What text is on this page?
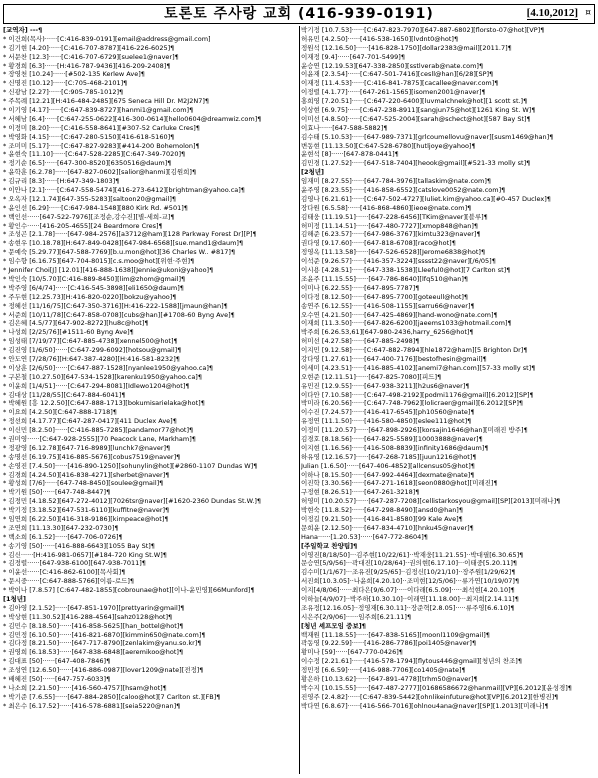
토론토 주사랑 교회 (416-939-0191)	[4.10,2012] ¤
[교역자] ---¶
* 이건희(목사)······[C:416-839-0191][email@address@gmail.com]
* 김기현 [4.20]······[C:416-707-8787][416-226-6025]¶
* 서문찬 [12.3]······[C:416-707-6729][suelee1@naver]¶
* 황경희 [6.3]······[H:416-787-9436][416-209-2408]¶
* 장영천 [10.24]······[#502-135 Kerlew Ave]¶
* 신명진 [10.12]······[C:705-468-2101]¶
* 신광남 [2.27]······[C:905-785-1012]¶
* 주목례 [12.21][H:416-484-2485][675 Seneca Hill Dr. M2J2N7]¶
* 이기영 [4.17]······[C:647-839-8727][hanmi1@gmail.com]¶
* 서혜남 [6.4]······[C:647-255-0622][416-300-0614][hello0604@dreamwiz.com]¶
* 이정미 [8.20]······[C:416-558-8641][#307-52 Carluke Cres]¶
* 박영화 [4.15]······[C:647-280-5150][416-618-5160]¶
* 조미미 [5.17]······[C:647-827-9283][#414-200 Bohemolon]¶
* 윤현숙 [11.10]······[C:647-528-2285][C:647-349-7020]¶
* 정기순 [6.5]······[647-300-8520][6350516@daum]¶
* 윤학훈 [6.2.78]······[647-827-0602][salior@hanmi][김원희]¶
* 김규리 [8.3]······[H:647-349-1803]¶
* 이안나 [2.1]······[C:647-558-5474][416-273-6412][brightman@yahoo.ca]¶
* 오옥자 [12.1.74][647-355-5283][saltoon20@gmail]¶
* 윤인선 [6.29]······[C:647-984-1548][880 Kirk Rd. #501]¶
* 백인선······[647-522-7976][조정순,강수진][별-세희-교]¶
* 황인수······[416-205-4655][24 Beardmore Cres]¶
* 조성곤 [2.1.78]······[647-984-2576][a3712@ham][128 Parkway Forest Dr][P]¶
* 송현우 [10.18.78][H:647-849-0428][647-984-6568][sue.mand1@daum]¶
* 문예숙 [5.29.77][647-588-7769][b.u.mon@hot][36 Charles W.. #817]¶
* 임수향 [6.16.75][647-704-8015][c.s.moo@hot][위현·주현]¶
* Jennifer Choi[J] [12.01][416-888-1638][Jennie@ukoni@yahoo]¶
* 박인숙 [10/5.70][C:416-889-8450][lim@zhom@gmail]¶
* 박주영 [6/4/74]······[C:416-545-3898][eli1650@daum]¶
* 주두현 [12.25.73][H:416-820-0220][bokzu@yahoo]¶
* 정혜선 [11/16/75][C:647-350-3716][H:416-222-1588][jmaun@han]¶
* 서준희 [10/11/78][C:647-858-0708][cubs@han][#1708-60 Byng Ave]¶
* 김은혜 [4.5/77][647-902-8272][hu8c@hot]¶
* 나성희 [2/25/76][#1511-60 Byng Ave]¶
* 임성태 [7/19/77][C:647-885-4738][xennel500@hot]¶
* 김진영 [1/6/50]······[C:647-299-6092][hotsou@gmail]¶
* 안도연 [7/28/76][H:647-387-4280][H:416-581-8232]¶
* 이상훈 [2/6/50]······[C:647-887-1528][nyanlee1950@yahoo.ca]¶
* 구본철 [10.27.50][647-534-1528][karenku1950@yahoo.ca]¶
* 이윤희 [1/4/51]······[C:647-294-8081][Idlewo1204@hot]¶
* 김대상 [11/28/55][C:647-884-6041]¶
* 박혜원 [흥 12.2.50][C:647-888-1713][bokumisarielaka@hot]¶
* 이요희 [4.2.50][C:647-888-1718]¶
* 정선희 [4.17.77][C:647-287-0417][411 Duclex Ave]¶
* 이신민 [8.2.50]······[C:416-885-7285][pandamor77@hot]¶
* 권미영······[C:647-928-2555][70 Peacock Lane, Markham]¶
* 정광영 [6.12.78][647-716-8989][lunchk7@naver]¶
* 송명선 [6.19.75][416-885-5676][cobus7519@naver]¶
* 손영진 [7.4.50]······[416-890-1250][sohunylin@hot][#2860-1107 Dundas W]¶
* 김경희 [4.24.50][416-838-4271][sherbet@naver]¶
* 황성희 [7/6]······[647-748-8450][soulee@gmail]¶
* 박기원 [50]······[647-748-8447]¶
* 김정민 [4.18.52][647-272-4012][7026tsr@naver][#1620-2360 Dundas St.W.]¶
* 박기정 [3.18.52][647-531-6110][kuffitne@naver]¶
* 임연희 [6.22.50][416-318-9186][kirnpeace@hot]¶
* 조연희 [11.13.30][647-232-0730]¶
* 백소희 [6.1.52]······[647-706-0726]¶
* 송기영 [50]······[416-888-6643][1055 Bay St]¶
* 김신······[H:416-981-0657][#184-720 King St.W]¶
* 김정렬······[647-938-6100][647-938-7011]¶
* 이윤선······[C:416-862-6100][목사회]¶
* 문시중······[C:647-888-5766][이름-로드]¶
* 박이나 [7.8.57] [C:647-482-1855][cobrounae@hot][이나-윤민영][66Munford]¶
[1청년]
* 김아영 [2.1.52]······[647-851-1970][prettyarin@gmail]¶
* 박상현 [11.30.52][416-288-4564][sahz0128@hot]¶
* 김민수 [8.18.50]······[416-858-5625][han_bottel@hot]¶
* 김민정 [6.10.50]······[416-821-6870][kimmin650@nate.com]¶
* 김다정 [8.21.50]······[647-717-8790][zenlakim@yanu.so.kr]¶
* 권영희 [6.18.53]······[647-838-6848][aeremikoo@hot]¶
* 김대표 [50]······[647-408-7846]¶
* 조성연 [12.6.50]······[416-886-0987][lover1209@nate][전정]¶
* 배혜진 [50]······[647-757-6033]¶
* 나소희 [2.21.50]······[416-560-4757][hsam@hot]¶
* 박기준 [7.6.55]······[647-884-2850][caloo@hot][7 Carlton st.][FB]¶
* 최은수 [6.17.52]······[416-578-6881][seia5220@nan]¶
박기정 [10.7.53]······[C:647-823-7970][647-887-6802][florsto-07@hot][VP]¶
허유민 [4.2.50]······[416-538-1650][lvdnt0@hot]¶
정원석 [12.16.50]······[416-828-1750][dollar2383@mail][2011.7]¶
이재정 [9.4]······[647-701-5499]¶
윤승연 [12.19.53][647-338-2850][sstlverab@nate.com]¶
이윤재 [2.3.54]······[C:647-501-7416][cesll@han][6/28][SP]¶
이재정 [11.4.53]······[C:416-841-7875][cacallee@naver.com]¶
이정렬 [4.1.77]······[647-261-1565][isomen2001@naver]¶
홍희영 [7.20.51]······[C:647-220-6400][luvmalchnek@hot][1 scott st.]¶
이상현 [6.9.75]······[C:647-238-8911][sangjun75@hot][1261 King St. W]¶
이미선 [4.8.50]······[C:647-525-2004][sarah@schect@hot][587 Bay St]¶
이효나······[647-588-5882]¶
김수태 [5.10.53]······[647-989-7371][grlcoumellovu@naver][susm1469@han]¶
변동현 [11.13.50][C:647-528-6780][hutljoye@yahoo]¶
윤현석 [8]······[647-878-0441]¶
김민경 [1.27.52]······[647-518-7404][heook@gmail][#521-33 molly st]¶
[2청년]
임재미 [8.27.55]······[647-784-3976][tallaskim@nate.com]¶
윤주영 [8.23.55]······[416-858-6552][catslove0052@nate.com]¶
김영나 [6.21.61]······[C:647-502-4727][luliet.kim@yahoo.ca][#0-457 Duclex]¶
장다원 [6.5.58]······[416-868-4860][ieoe@nate.com]¶
김태웅 [11.19.51]······[647-228-6456][TKim@naver][블루]¶
허미정 [11.14.51]······[647-480-7727][xmop848@han]¶
김해준 [6.23.57]······[647-986-3767][kimtu323@naver]¶
권다영 [9.17.60]······[647-818-6708][raco@hot]¶
정영옥 [11.13.58]······[647-526-6528][Jerome6838@hot]¶
이석준 [9.26.57]······[416-357-3224][sssst22@naver][/6/05]¶
이시용 [4.28.51]······[647-338-1538][Lleeful0@hot][7 Carlton st]¶
조윤주 [11.15.55]······[647-786-8640][lfq510@han]¶
이미나 [6.22.55]······[647-895-7787]¶
이다정 [8.12.50]······[647-895-7700][goteeull@hot]¶
송연주 [6.12.55]······[416-508-1155][sarru66@naver]¶
오수연 [4.21.50]······[647-425-4869][hand-wono@nate.com]¶
이재희 [11.3.50]······[647-826-6200][jaeems1033@hotmail.com]¶
박주희 [6.26.53,61][647-980-2436,harry_6256@hot]¶
허미선 [4.27.58]······[647-885-2498]¶
이지민 [9.12.58]······[C:647-882-7894][hle1872@ham][5 Brighton Dr]¶
강다영 [1.27.61]······[647-400-7176][bestofhesin@gmail]¶
이세미 [4.23.51]······[416-885-4102][anemi7@han.com][57-33 molly st]¶
오현준 [12.11.51]······[647-825-7080][피드]¶
유민진 [12.9.55]······[647-938-3211][h2us6@naver]¶
이다안 [7.10.58]······[C:647-498-2192][podmi1176@gmail][6.2012][SP]¶
박미라 [6.20.56]······[C:647-748-7962][lolicraer@gmail][6.2012][SP]¶
이수진 [7.24.57]······[416-417-6545][ph10560@nate]¶
유정연 [11.1.50]······[416-580-4850][eslee111@hot]¶
이정미 [11.20.57]······[647-898-2926][korsajin1646@han][미래진 방주]¶
김경호 [8.18.56]······[647-825-5589][10003888@naver]¶
이지현 [1.16.56]······[416-508-8839][infinity1686@daum]¶
하유영 [12.16.57]······[647-268-7185][juun1216@hot]¶
Julian [1.6.50]······[647-406-4852][allcensus05@hot]¶
이하나 [8.15.50]······[647-992-4464][dexmate@nate]¶
이진학 [3.30.56]······[647-271-1618][seon0880@hot][미래진]¶
구정현 [8.26.51]······[647-261-3218]¶
허영미 [10.20.57]······[647-287-7208][cellistarkosyou@gmail][SP][2013][미래나]¶
박현숙 [11.8.52]······[647-298-8490][ansd0@han]¶
이정길 [9.21.50]······[416-841-8580][99 Kale Ave]¶
문희윤 [2.12.50]······[647-834-4710][hnku45@naver]¶
Hana······[1.20.53]······[647-772-8604]¶
[주일학교 찬양팀]¶
이영진[8/18/50]···김주현[10/22/61]··박재웅[11.21.55]··박대필[6.30.65]¶
문승연[5/9/56]···곽대진[10/28/64]··권의현[6.17.10]···이태중[5.20.11]¶
김수미[1/1/67]···조유진[9/25/65]··김정신[10/21/10]··장주원[1/29/62]¶
서진희[10.3.05]··나윤희[4.20.10]··조미현[12/5/06]···류가연[10/19/07]¶
이지[4/8/06]······최다은[9/6.07]·····이다래[6.5.09]·····최석현[4.20.10]¶
이하늘[4/9/07]··박주하[10.30.10]··이래연[11.18.00]···최지희[2.14.11]¶
조유정[12.16.05]··정영재[6.30.11]··장준혁[2.8.05]·····류주영[6.6.10]¶
시은주[2/9/06]······임주희[6.21.11]¶
[청년 셰프모임 중보]¶
백재원 [11.18.55]······[647-838-5165][moonl1109@gmail]¶
곽동영 [9.22.59]······[416-286-7786][poi1405@naver]¶
황미나 [59]······[647-770-0426]¶
이수정 [2.21.61]······[416-578-1794][flytous446@gmail][청년의 찬조]¶
정민정 [6.6.59]······[416-988-7706][co1405@nate]¶
황은하 [10.13.62]······[647-891-4778][trhm50@naver]¶
박수지 [10.15.55]······[647-487-2777][01686586672@hanmail][VP][6.2012][윤성경]¶
진영주 [2.4.82]······[C:647-839-5442][ohnlikeinfuture@hot][VP][6.2012][한병진]¶
박다연 [6.8.67]······[416-566-7016][ohlnou4ana@naver][SP][1.2013][미래나]¶
